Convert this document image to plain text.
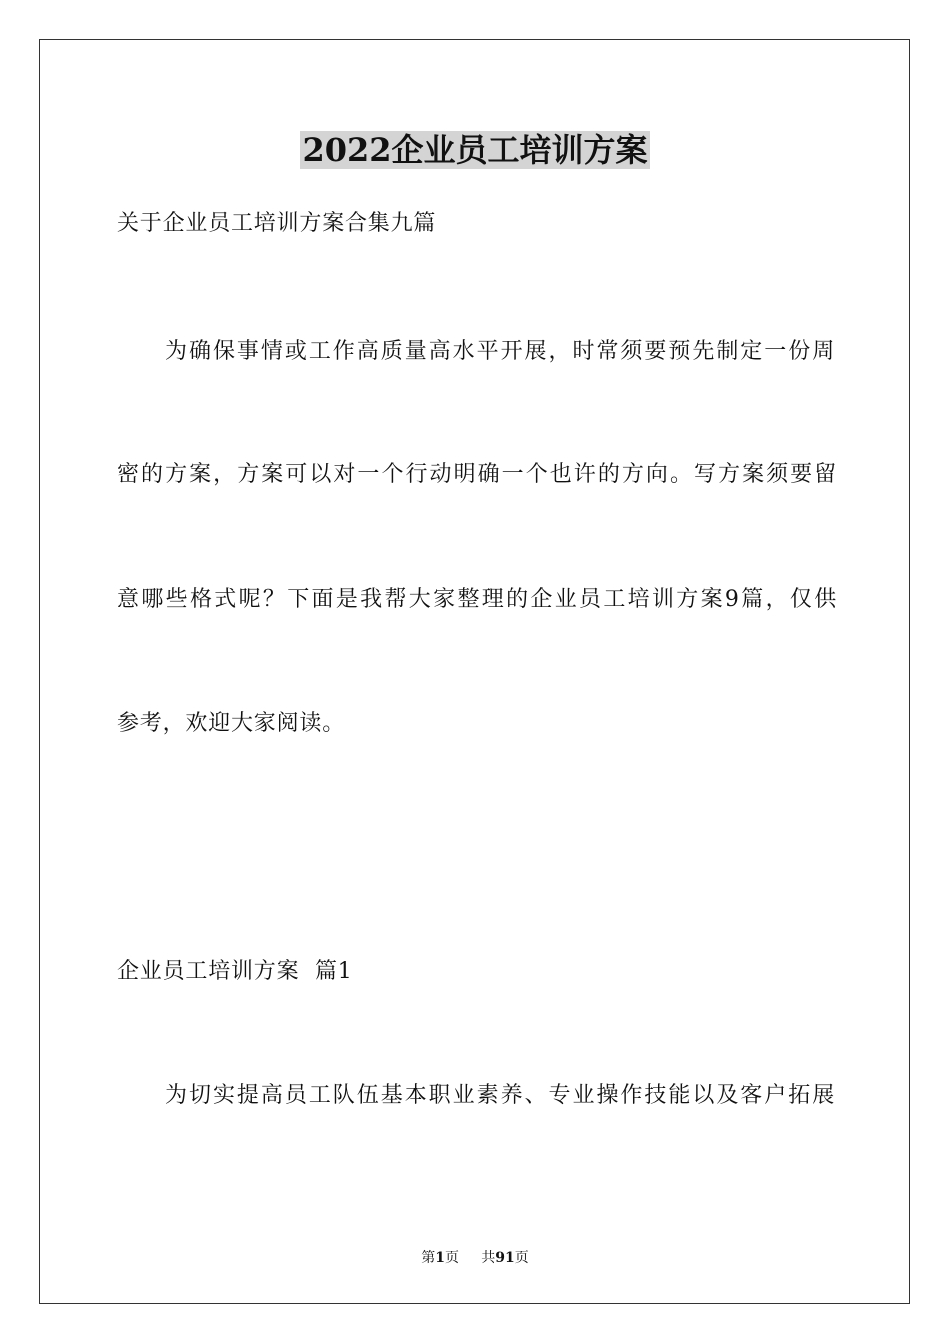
2022企业员工培训方案
关于企业员工培训方案合集九篇
为确保事情或工作高质量高水平开展，时常须要预先制定一份周
密的方案，方案可以对一个行动明确一个也许的方向。写方案须要留
意哪些格式呢？下面是我帮大家整理的企业员工培训方案9篇，仅供
参考，欢迎大家阅读。
企业员工培训方案  篇1
为切实提高员工队伍基本职业素养、专业操作技能以及客户拓展
第1页 共91页
